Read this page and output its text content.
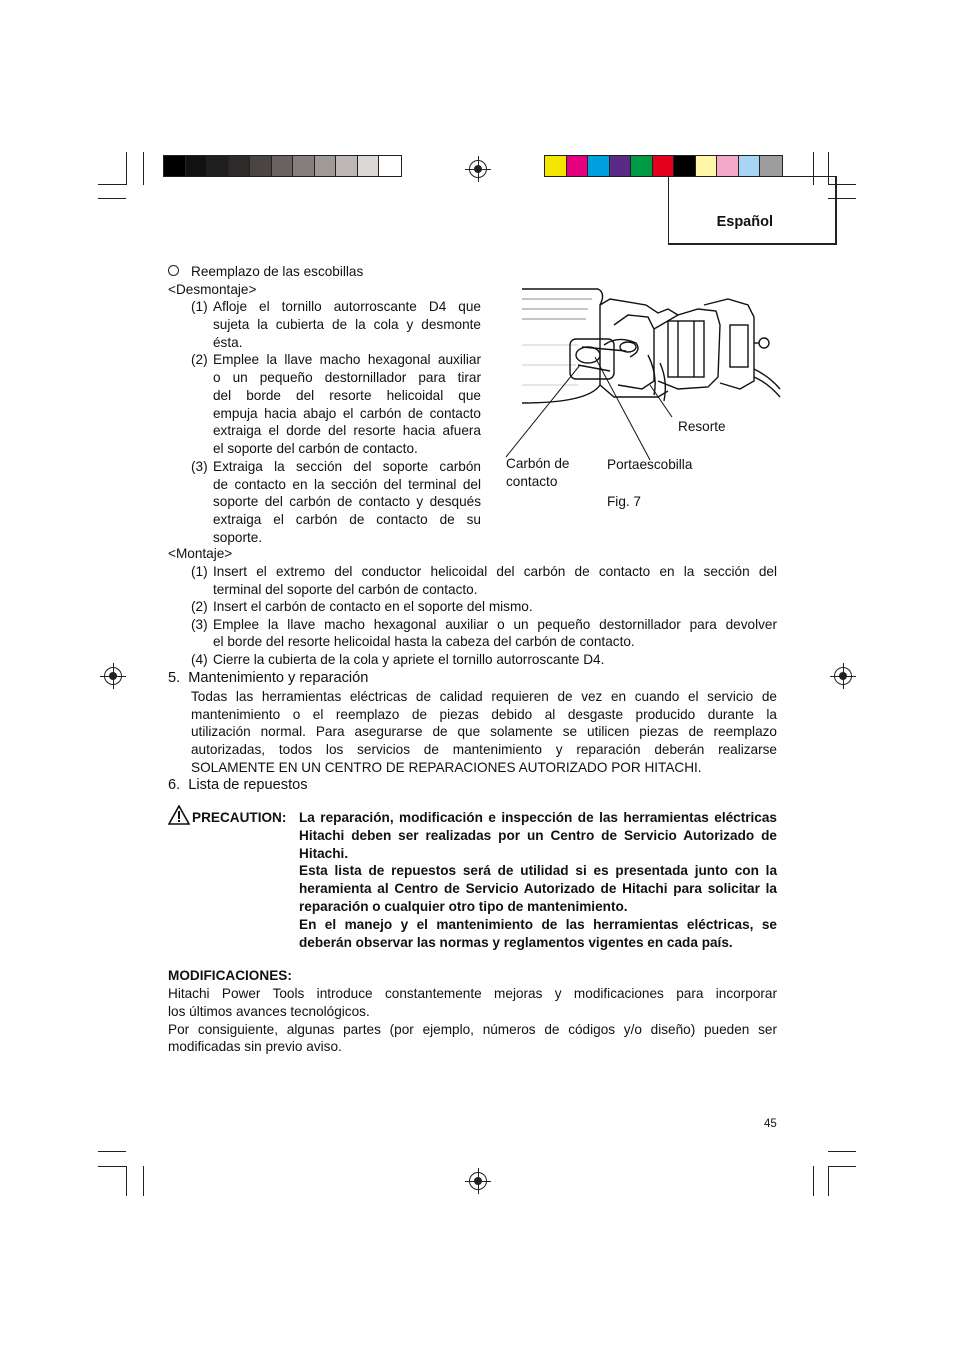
Español
Reemplazo de las escobillas
<Desmontaje>
(1) Afloje el tornillo autorroscante D4 que
sujeta la cubierta de la cola y desmonte
ésta.
(2) Emplee la llave macho hexagonal auxiliar
o un pequeño destornillador para tirar
del borde del resorte helicoidal que
empuja hacia abajo el carbón de contacto
extraiga el dorde del resorte hacia afuera
el soporte del carbón de contacto.
(3) Extraiga la sección del soporte carbón
de contacto en la sección del terminal del
soporte del carbón de contacto y desqués
extraiga el carbón de contacto de su
soporte.
<Montaje>
(1) Insert el extremo del conductor helicoidal del carbón de contacto en la sección del
terminal del soporte del carbón de contacto.
(2) Insert el carbón de contacto en el soporte del mismo.
(3) Emplee la llave macho hexagonal auxiliar o un pequeño destornillador para devolver
el borde del resorte helicoidal hasta la cabeza del carbón de contacto.
(4) Cierre la cubierta de la cola y apriete el tornillo autorroscante D4.
Resorte
Carbón de
contacto
Portaescobilla
Fig. 7
5.  Mantenimiento y reparación
Todas las herramientas eléctricas de calidad requieren de vez en cuando el servicio de
mantenimiento o el reemplazo de piezas debido al desgaste producido durante la
utilización normal. Para asegurarse de que solamente se utilicen piezas de reemplazo
autorizadas, todos los servicios de mantenimiento y reparación deberán realizarse
SOLAMENTE EN UN CENTRO DE REPARACIONES AUTORIZADO POR HITACHI.
6.  Lista de repuestos
PRECAUTION: La reparación, modificación e inspección de las herramientas eléctricas
Hitachi deben ser realizadas por un Centro de Servicio Autorizado de
Hitachi.
Esta lista de repuestos será de utilidad si es presentada junto con la
heramienta al Centro de Servicio Autorizado de Hitachi para solicitar la
reparación o cualquier otro tipo de mantenimiento.
En el manejo y el mantenimiento de las herramientas eléctricas, se
deberán observar las normas y reglamentos vigentes en cada país.
MODIFICACIONES:
Hitachi Power Tools introduce constantemente mejoras y modificaciones para incorporar
los últimos avances tecnológicos.
Por consiguiente, algunas partes (por ejemplo, números de códigos y/o diseño) pueden ser
modificadas sin previo aviso.
45
